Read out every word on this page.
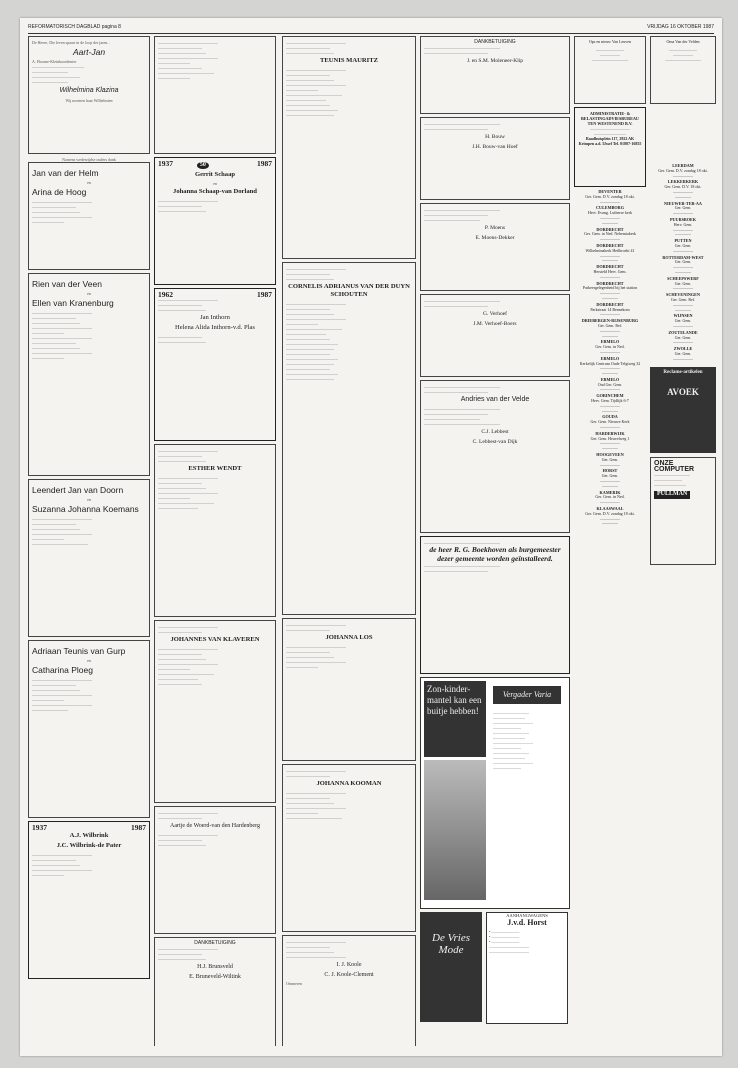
REFORMATORISCH DAGBLAD pagina 8	VRIJDAG 16 OKTOBER 1987
De Heere, Die leven spaart in de loop der jaren...
Aart-Jan
A. Hoorne-Kleinkoordenier
—————————————
—————————
————————————
—————————
Wilhelmina Klazina
Wij noemen haar Wilhelmien
Namens wederzijdse ouders dank
Jan van der Helm
en
Arina de Hoog
———————————————
———————————
————————————
———————————————
————————
Rien van der Veen
en
Ellen van Kranenburg
———————————————
———————————
————————————
———————————————
————————
———————————————
———————————
————————————
———————————————
————————
Leendert Jan van Doorn
en
Suzanna Johanna Koemans
———————————————
———————————
————————————
———————————————
————————
——————————————
Adriaan Teunis van Gurp
en
Catharina Ploeg
———————————————
———————————
————————————
———————————————
————————
———————————————
—————————
1937	1987
A.J. Wilbrink
J.C. Wilbrink-de Pater
———————————————
———————————
————————————
———————————————
————————
———————————————
———————————
————————————
———————————————
————————
———————————
——————————————
————————
1937	50	1987
Gerrit Schaap
en
Johanna Schaap-van Dorland
———————————————
———————————
————————————
1962	1987
———————————————
———————————
————————————
Jan Inthorn
Helena Alida Inthorn-v.d. Plas
———————————
————————————
———————————————
———————————
————————————
ESTHER WENDT
———————————————
———————————
————————————
———————————————
————————
——————————————
——————————
———————————————
———————————
JOHANNES VAN KLAVEREN
———————————————
———————————
————————————
———————————————
————————
——————————————
——————————
———————————
———————————————
———————————
Aartje de Woerd-van den Hardenberg
———————————————
———————————
————————————
DANKBETUIGING
———————————————
———————————
————————————
H.J. Brunsveld
E. Bruneveld-Wiltink
———————————————
———————————
————————————
TEUNIS MAURITZ
———————————————
———————————
————————————
———————————————
————————
——————————————
——————————
———————————
—————————————
————————————
———————————————
———————————
————————————
CORNELIS ADRIANUS VAN DER DUYN SCHOUTEN
———————————————
———————————
————————————
———————————————
————————
——————————————
——————————
———————————
—————————————
————————————
———————————
—————————————
————————————
———————————
—————————————
————————————
———————————————
———————————
JOHANNA LOS
———————————————
———————————
————————————
———————————————
————————
———————————————
———————————
JOHANNA KOOMAN
———————————————
———————————
————————————
———————————————
————————
——————————————
———————————————
———————————
————————————
———————————————
I. J. Koole
C. J. Koole-Clement
Ommeren
DANKBETUIGING
———————————————————
————————————————
J. en S.M. Moleneer-Klip
———————————————————
————————————————
H. Bouw
J.H. Bouw-van Hoef
———————————————————
————————————————
——————————————
P. Moens
E. Moens-Dekker
———————————————————
————————————————
G. Verhoef
J.M. Verhoef-Boers
———————————————————
————————————————
Andries van der Velde
———————————————————
————————————————
——————————————
———————————————————
C.J. Lebbest
C. Lebbest-van Dijk
———————————————————
de heer R. G. Boekhoven als burgemeester dezer gemeente worden geïnstalleerd.
———————————————————
————————————————
Zon-kinder-mantel kan een buitje hebben!
Vergader Varia
—————————
————————
——————————
———————
—————————
————————
——————————
———————
—————————
————————
——————————
———————
De Vries Mode
AANHANGWAGENS
J.v.d. Horst
• ———————
• ———————
• ———————
——————————
——————————
Ops en nieuw Van Leuven
———————
—————
—————————
ADMINISTRATIE- & BELASTINGADVIESBUREAU TEN WESTENEND B.V.
——————————
————————
Raadhuisplein 117, 2922 AK Krimpen a.d. IJssel Tel. 01807-16855
DEVENTER
Ger. Gem. D.V. zondag 18 okt.
—————
CULEMBORG
Herv. Evang. Lutherse kerk
—————
————
DORDRECHT
Ger. Gem. in Ned. Nehemiakerk
—————
DORDRECHT
Wilhelminakerk Heilbroeki 41
—————
————
DORDRECHT
Hersteld Herv. Gem.
—————
DORDRECHT
Parkeergelegenheid bij het station
—————
————
DORDRECHT
Parkstraat 14 Bennekom
—————
DRIEBERGEN-RIJSENBURG
Ger. Gem. Ref.
—————
————
ERMELO
Ger. Gem. in Ned.
—————
ERMELO
Kerkelijk Centrum Oude Telgtweg 32
—————
————
ERMELO
Oud Ger. Gem.
—————
GORINCHEM
Herv. Gem. Tijdlijk 6-7
—————
————
GOUDA
Ger. Gem. Nieuwe Kerk
—————
HARDERWIJK
Ger. Gem. Heuvelweg 1
—————
————
HOOGEVEEN
Ger. Gem.
—————
HORST
Ger. Gem.
—————
————
KAMERIK
Ger. Gem. in Ned.
—————
KLAASWAAL
Ger. Gem. D.V. zondag 18 okt.
—————
————
Oma Van der Velden
———————
—————
—————————
LEERDAM
Ger. Gem. D.V. zondag 18 okt.
—————
LEKKERKERK
Ger. Gem. D.V. 18 okt.
—————
————
NIEUWER-TER-AA
Ger. Gem.
—————
PUURSBOEK
Herv. Gem.
—————
————
PUTTEN
Ger. Gem.
—————
ROTTERDAM-WEST
Ger. Gem.
—————
————
SCHEEPSWERF
Ger. Gem.
—————
SCHEVENINGEN
Ger. Gem. Ref.
—————
————
WIJNSEN
Ger. Gem.
—————
ZOUTELANDE
Ger. Gem.
—————
ZWOLLE
Ger. Gem.
—————
Reclame-artikelen
AVOEK
ONZE COMPUTER
—————————
———————
————————
PULLMAN
